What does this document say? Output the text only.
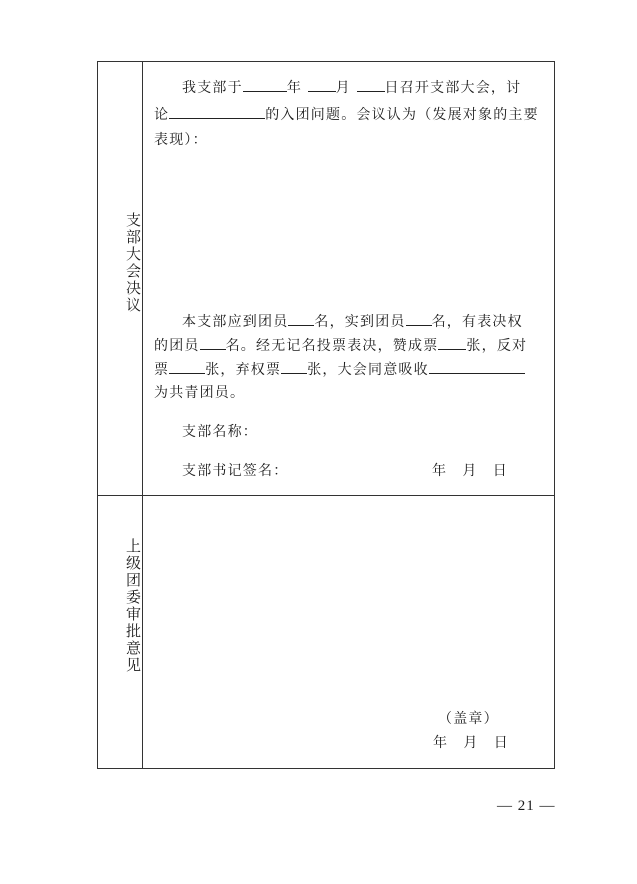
支部大会决议
我支部于	年 月 日召开支部大会，讨
论	的入团问题。会议认为（发展对象的主要
表现）：
本支部应到团员 名，实到团员 名，有表决权
的团员 名。经无记名投票表决，赞成票 张，反对
票	张，弃权票 张，大会同意吸收
为共青团员。
支部名称：
支部书记签名：	年　月　日
上级团委审批意见
（盖章）
年　月　日
— 21 —
